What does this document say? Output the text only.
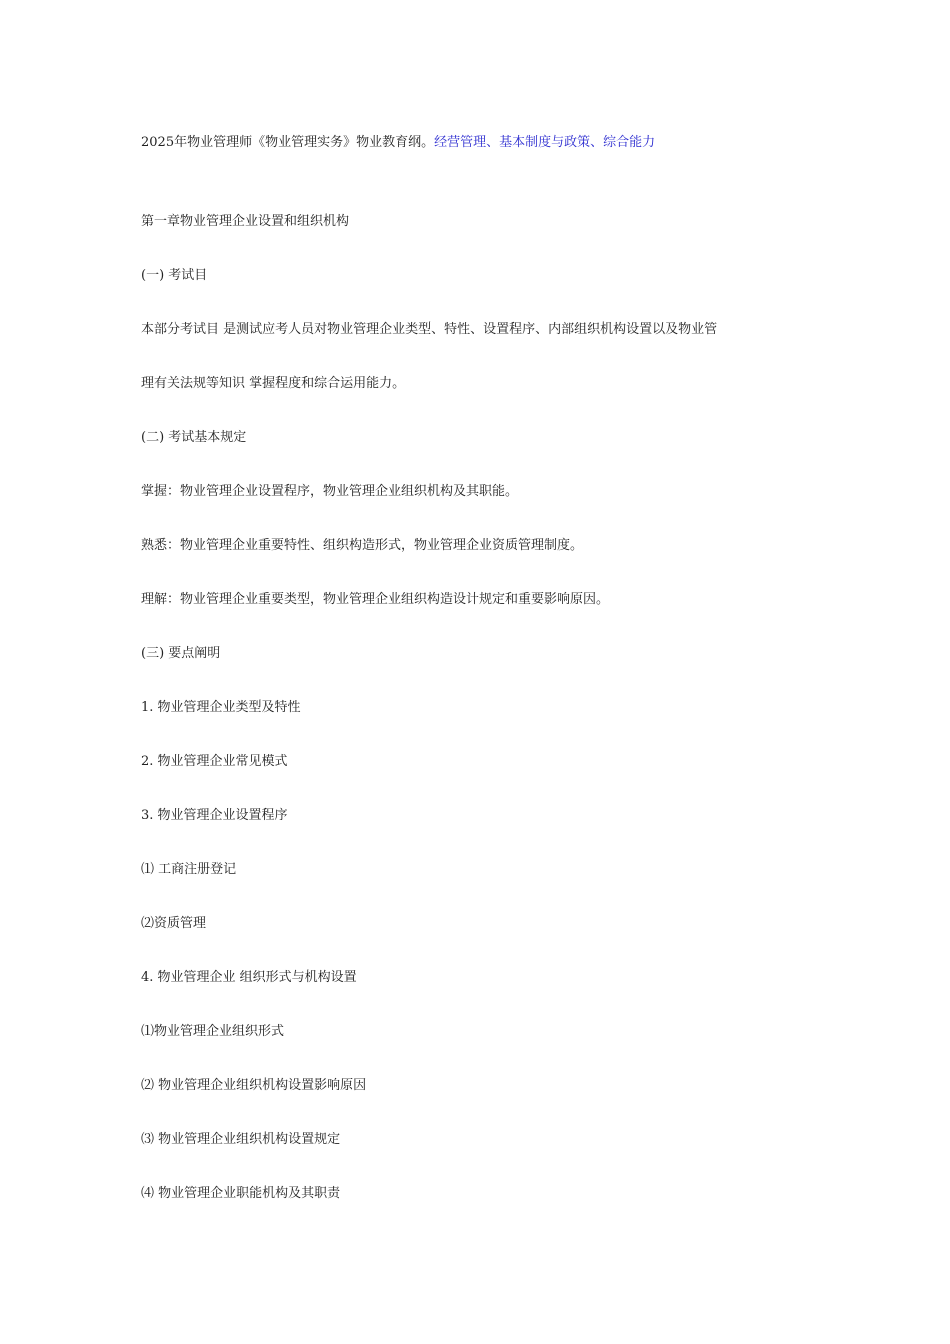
2025年物业管理师《物业管理实务》物业教育纲。经营管理、基本制度与政策、综合能力
第一章物业管理企业设置和组织机构
(一) 考试目
本部分考试目 是测试应考人员对物业管理企业类型、特性、设置程序、内部组织机构设置以及物业管
理有关法规等知识 掌握程度和综合运用能力。
(二) 考试基本规定
掌握：物业管理企业设置程序，物业管理企业组织机构及其职能。
熟悉：物业管理企业重要特性、组织构造形式，物业管理企业资质管理制度。
理解：物业管理企业重要类型，物业管理企业组织构造设计规定和重要影响原因。
(三) 要点阐明
1. 物业管理企业类型及特性
2. 物业管理企业常见模式
3. 物业管理企业设置程序
⑴ 工商注册登记
⑵资质管理
4. 物业管理企业 组织形式与机构设置
⑴物业管理企业组织形式
⑵ 物业管理企业组织机构设置影响原因
⑶ 物业管理企业组织机构设置规定
⑷ 物业管理企业职能机构及其职责
